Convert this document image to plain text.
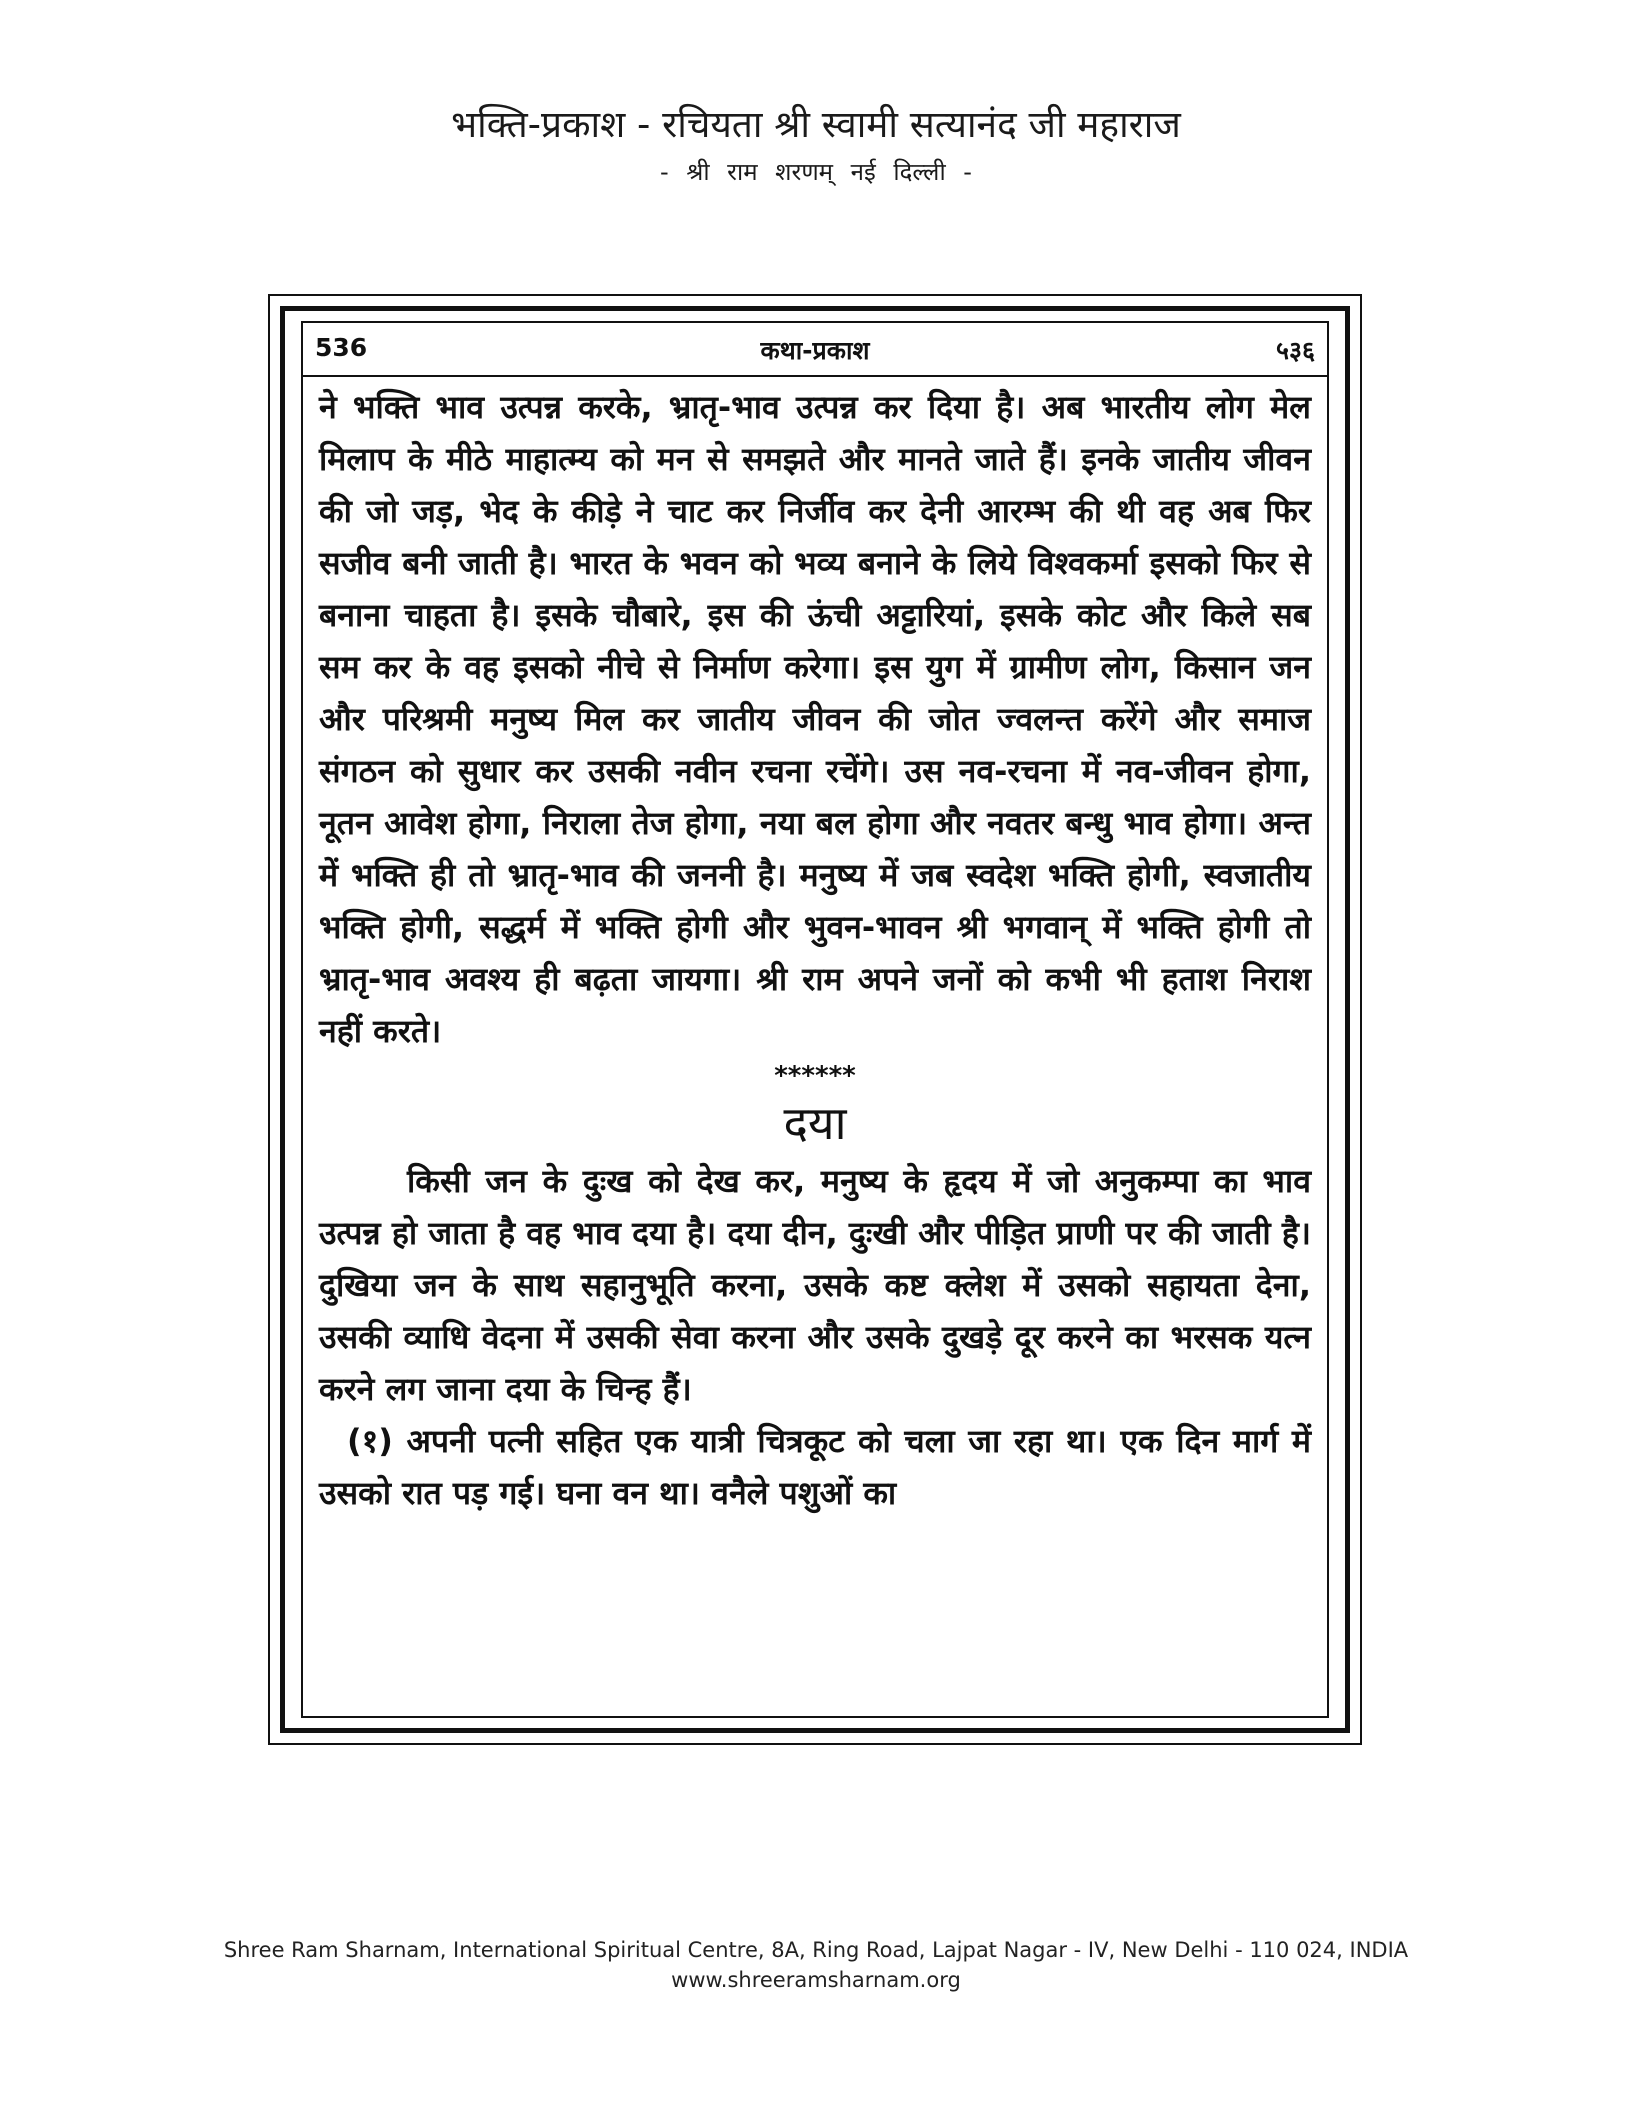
भक्ति-प्रकाश - रचियता श्री स्वामी सत्यानंद जी महाराज
- श्री राम शरणम् नई दिल्ली -
536	कथा-प्रकाश	५३६

ने भक्ति भाव उत्पन्न करके, भ्रातृ-भाव उत्पन्न कर दिया है। अब भारतीय लोग मेल मिलाप के मीठे माहात्म्य को मन से समझते और मानते जाते हैं। इनके जातीय जीवन की जो जड़, भेद के कीड़े ने चाट कर निर्जीव कर देनी आरम्भ की थी वह अब फिर सजीव बनी जाती है। भारत के भवन को भव्य बनाने के लिये विश्वकर्मा इसको फिर से बनाना चाहता है। इसके चौबारे, इस की ऊंची अट्टारियां, इसके कोट और किले सब सम कर के वह इसको नीचे से निर्माण करेगा। इस युग में ग्रामीण लोग, किसान जन और परिश्रमी मनुष्य मिल कर जातीय जीवन की जोत ज्वलन्त करेंगे और समाज संगठन को सुधार कर उसकी नवीन रचना रचेंगे। उस नव-रचना में नव-जीवन होगा, नूतन आवेश होगा, निराला तेज होगा, नया बल होगा और नवतर बन्धु भाव होगा। अन्त में भक्ति ही तो भ्रातृ-भाव की जननी है। मनुष्य में जब स्वदेश भक्ति होगी, स्वजातीय भक्ति होगी, सद्धर्म में भक्ति होगी और भुवन-भावन श्री भगवान् में भक्ति होगी तो भ्रातृ-भाव अवश्य ही बढ़ता जायगा। श्री राम अपने जनों को कभी भी हताश निराश नहीं करते।

******
दया

किसी जन के दुःख को देख कर, मनुष्य के हृदय में जो अनुकम्पा का भाव उत्पन्न हो जाता है वह भाव दया है। दया दीन, दुःखी और पीड़ित प्राणी पर की जाती है। दुखिया जन के साथ सहानुभूति करना, उसके कष्ट क्लेश में उसको सहायता देना, उसकी व्याधि वेदना में उसकी सेवा करना और उसके दुखड़े दूर करने का भरसक यत्न करने लग जाना दया के चिन्ह हैं।

(१) अपनी पत्नी सहित एक यात्री चित्रकूट को चला जा रहा था। एक दिन मार्ग में उसको रात पड़ गई। घना वन था। वनैले पशुओं का

Shree Ram Sharnam, International Spiritual Centre, 8A, Ring Road, Lajpat Nagar - IV, New Delhi - 110 024, INDIA
www.shreeramsharnam.org
